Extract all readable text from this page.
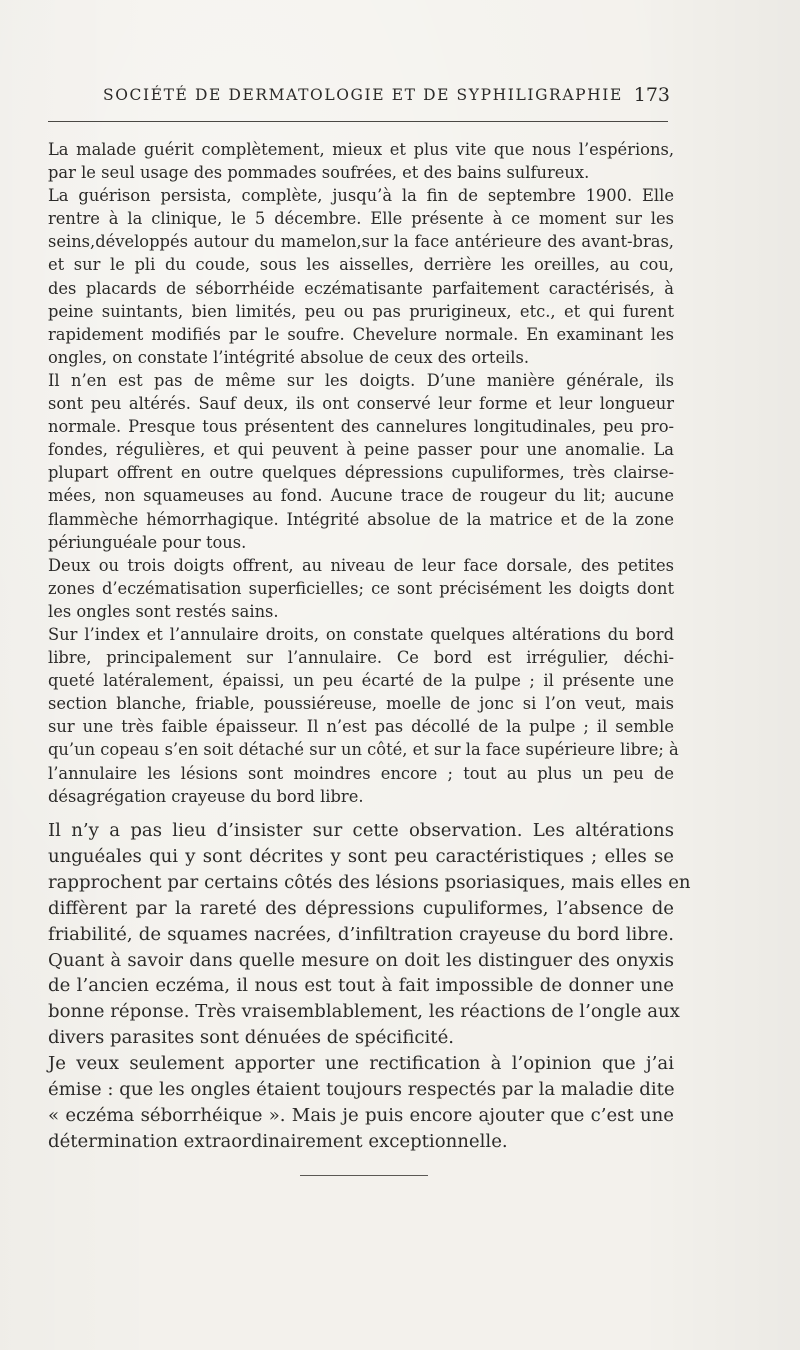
SOCIÉTÉ DE DERMATOLOGIE ET DE SYPHILIGRAPHIE 173
La malade guérit complètement, mieux et plus vite que nous l’espérions,
par le seul usage des pommades soufrées, et des bains sulfureux.
La guérison persista, complète, jusqu’à la fin de septembre 1900. Elle
rentre à la clinique, le 5 décembre. Elle présente à ce moment sur les
seins,développés autour du mamelon,sur la face antérieure des avant-bras,
et sur le pli du coude, sous les aisselles, derrière les oreilles, au cou,
des placards de séborrhéide eczématisante parfaitement caractérisés, à
peine suintants, bien limités, peu ou pas prurigineux, etc., et qui furent
rapidement modifiés par le soufre. Chevelure normale. En examinant les
ongles, on constate l’intégrité absolue de ceux des orteils.
Il n’en est pas de même sur les doigts. D’une manière générale, ils
sont peu altérés. Sauf deux, ils ont conservé leur forme et leur longueur
normale. Presque tous présentent des cannelures longitudinales, peu pro-
fondes, régulières, et qui peuvent à peine passer pour une anomalie. La
plupart offrent en outre quelques dépressions cupuliformes, très clairse-
mées, non squameuses au fond. Aucune trace de rougeur du lit; aucune
flammèche hémorrhagique. Intégrité absolue de la matrice et de la zone
périunguéale pour tous.
Deux ou trois doigts offrent, au niveau de leur face dorsale, des petites
zones d’eczématisation superficielles; ce sont précisément les doigts dont
les ongles sont restés sains.
Sur l’index et l’annulaire droits, on constate quelques altérations du bord
libre, principalement sur l’annulaire. Ce bord est irrégulier, déchi-
queté latéralement, épaissi, un peu écarté de la pulpe ; il présente une
section blanche, friable, poussiéreuse, moelle de jonc si l’on veut, mais
sur une très faible épaisseur. Il n’est pas décollé de la pulpe ; il semble
qu’un copeau s’en soit détaché sur un côté, et sur la face supérieure libre; à
l’annulaire les lésions sont moindres encore ; tout au plus un peu de
désagrégation crayeuse du bord libre.
Il n’y a pas lieu d’insister sur cette observation. Les altérations
unguéales qui y sont décrites y sont peu caractéristiques ; elles se
rapprochent par certains côtés des lésions psoriasiques, mais elles en
diffèrent par la rareté des dépressions cupuliformes, l’absence de
friabilité, de squames nacrées, d’infiltration crayeuse du bord libre.
Quant à savoir dans quelle mesure on doit les distinguer des onyxis
de l’ancien eczéma, il nous est tout à fait impossible de donner une
bonne réponse. Très vraisemblablement, les réactions de l’ongle aux
divers parasites sont dénuées de spécificité.
Je veux seulement apporter une rectification à l’opinion que j’ai
émise : que les ongles étaient toujours respectés par la maladie dite
« eczéma séborrhéique ». Mais je puis encore ajouter que c’est une
détermination extraordinairement exceptionnelle.
